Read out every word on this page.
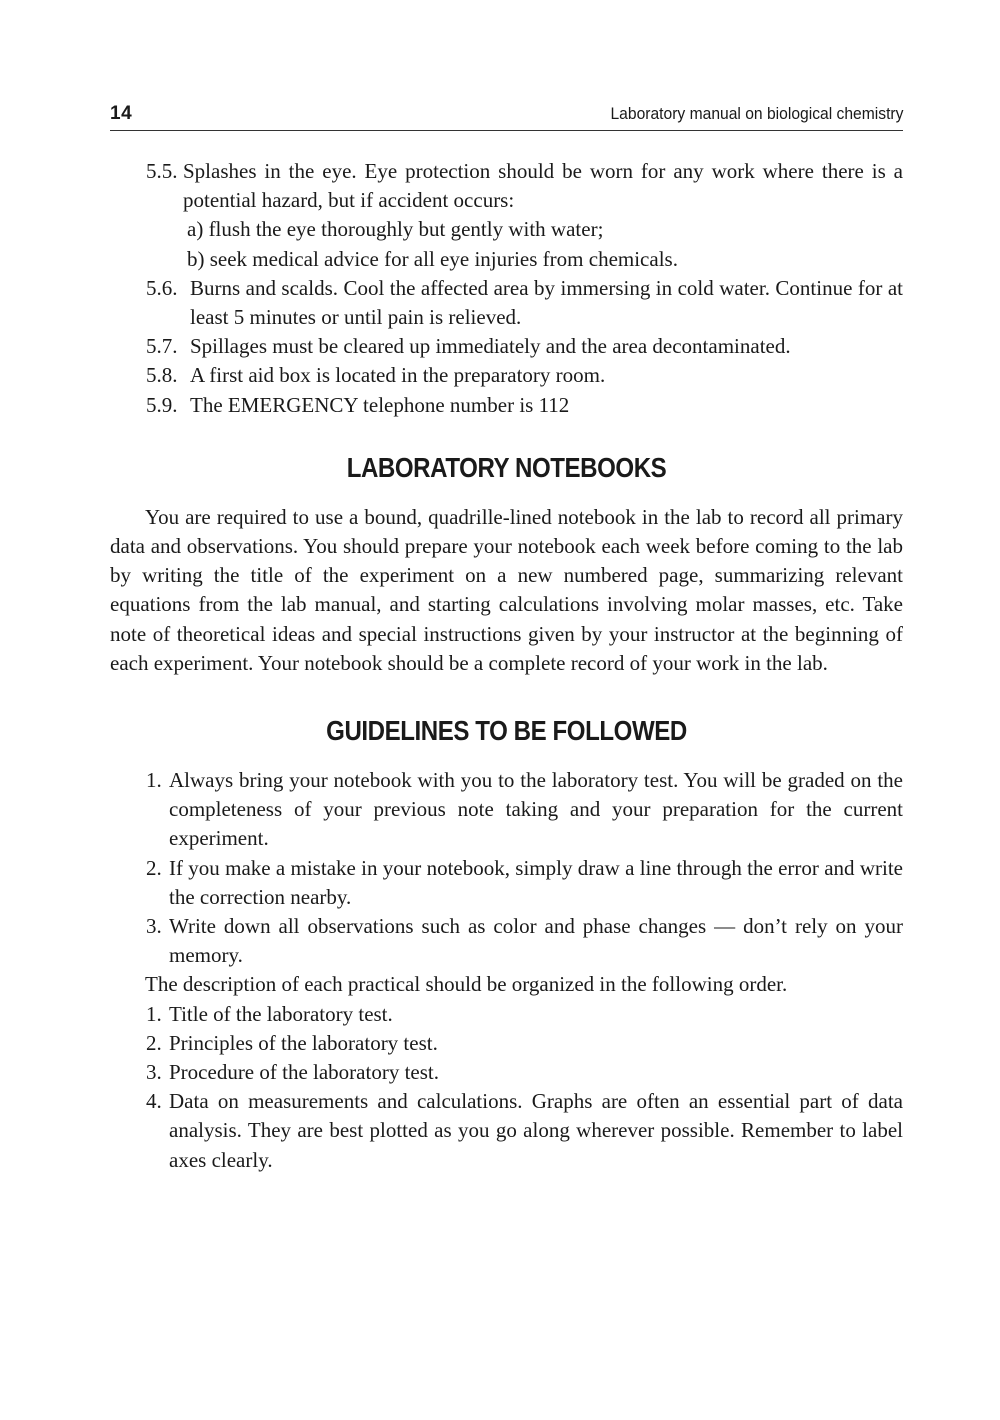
14	Laboratory manual on biological chemistry
5.5. Splashes in the eye. Eye protection should be worn for any work where there is a potential hazard, but if accident occurs:
a) flush the eye thoroughly but gently with water;
b) seek medical advice for all eye injuries from chemicals.
5.6. Burns and scalds. Cool the affected area by immersing in cold water. Continue for at least 5 minutes or until pain is relieved.
5.7. Spillages must be cleared up immediately and the area decontaminated.
5.8. A first aid box is located in the preparatory room.
5.9. The EMERGENCY telephone number is 112
LABORATORY NOTEBOOKS
You are required to use a bound, quadrille-lined notebook in the lab to record all primary data and observations. You should prepare your notebook each week before coming to the lab by writing the title of the experiment on a new numbered page, summarizing relevant equations from the lab manual, and starting calculations involving molar masses, etc. Take note of theoretical ideas and special instructions given by your instructor at the beginning of each experiment. Your notebook should be a complete record of your work in the lab.
GUIDELINES TO BE FOLLOWED
1. Always bring your notebook with you to the laboratory test. You will be graded on the completeness of your previous note taking and your preparation for the current experiment.
2. If you make a mistake in your notebook, simply draw a line through the error and write the correction nearby.
3. Write down all observations such as color and phase changes — don’t rely on your memory.
The description of each practical should be organized in the following order.
1. Title of the laboratory test.
2. Principles of the laboratory test.
3. Procedure of the laboratory test.
4. Data on measurements and calculations. Graphs are often an essential part of data analysis. They are best plotted as you go along wherever possible. Remember to label axes clearly.
